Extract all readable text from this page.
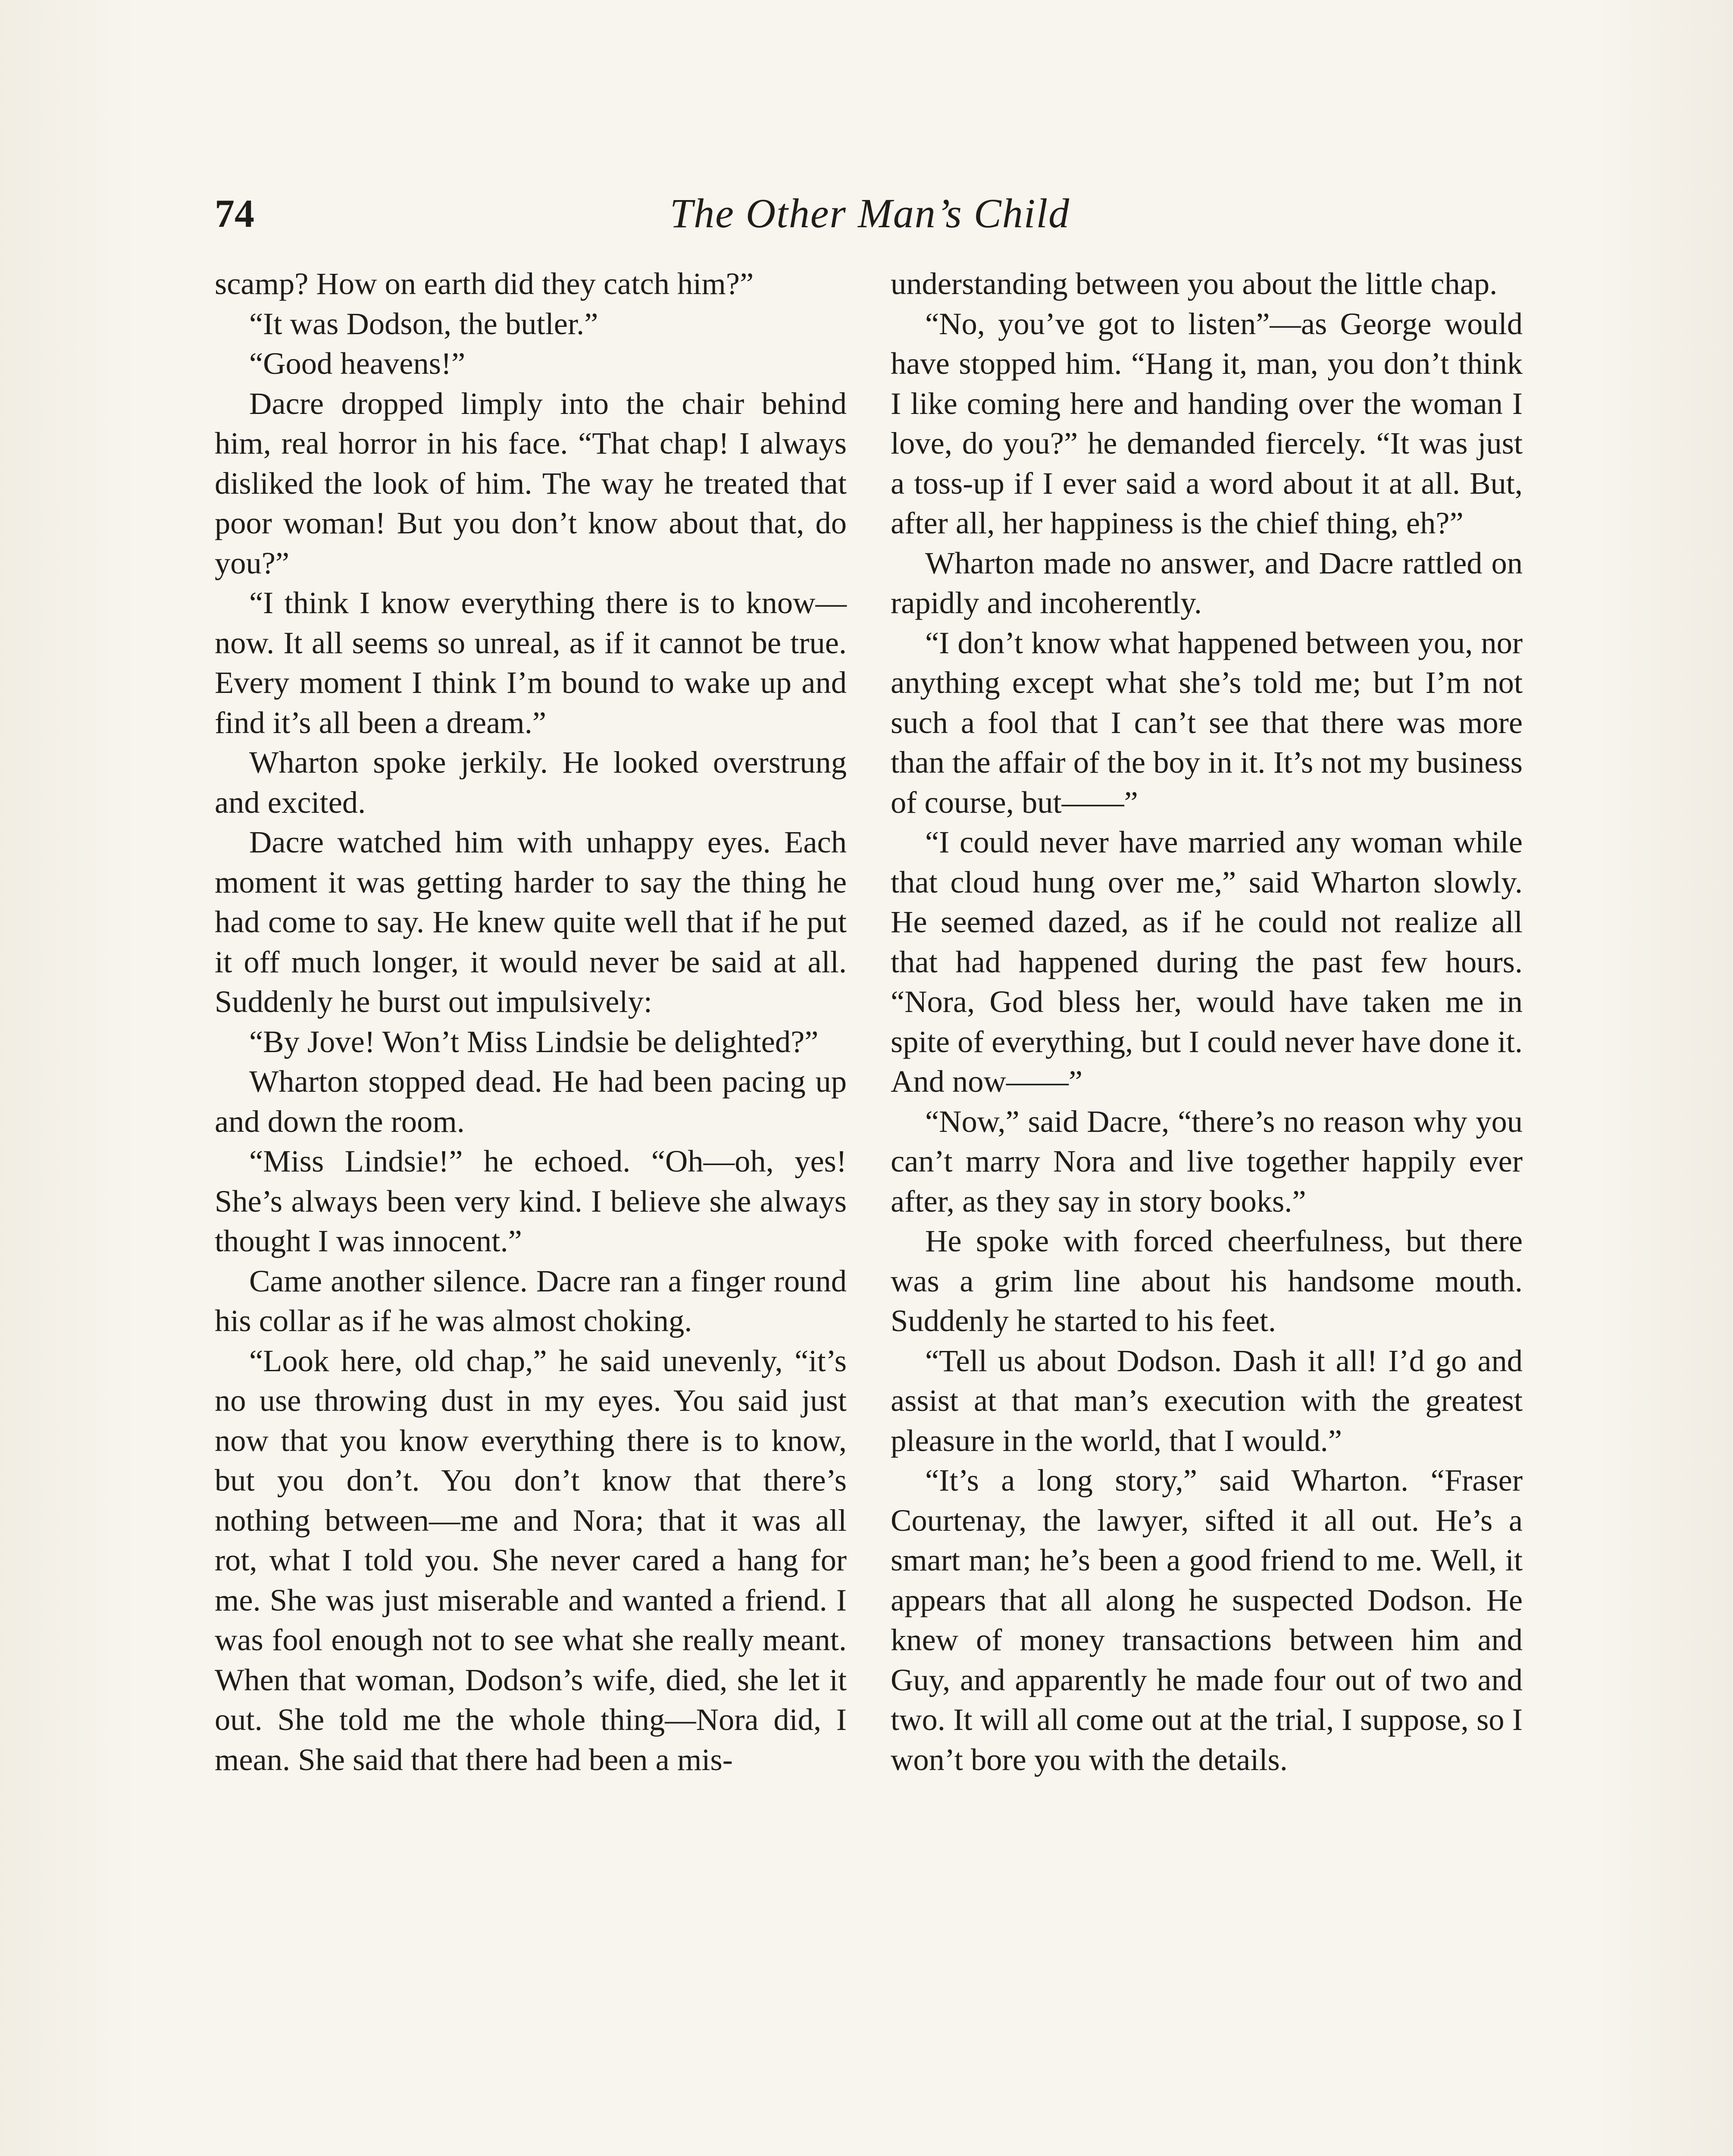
74	The Other Man’s Child

scamp? How on earth did they catch him?”

“It was Dodson, the butler.”

“Good heavens!”

Dacre dropped limply into the chair behind him, real horror in his face. “That chap! I always disliked the look of him. The way he treated that poor woman! But you don’t know about that, do you?”

“I think I know everything there is to know—now. It all seems so unreal, as if it cannot be true. Every moment I think I’m bound to wake up and find it’s all been a dream.”

Wharton spoke jerkily. He looked overstrung and excited.

Dacre watched him with unhappy eyes. Each moment it was getting harder to say the thing he had come to say. He knew quite well that if he put it off much longer, it would never be said at all. Suddenly he burst out impulsively:

“By Jove! Won’t Miss Lindsie be delighted?”

Wharton stopped dead. He had been pacing up and down the room.

“Miss Lindsie!” he echoed. “Oh—oh, yes! She’s always been very kind. I believe she always thought I was innocent.”

Came another silence. Dacre ran a finger round his collar as if he was almost choking.

“Look here, old chap,” he said unevenly, “it’s no use throwing dust in my eyes. You said just now that you know everything there is to know, but you don’t. You don’t know that there’s nothing between—me and Nora; that it was all rot, what I told you. She never cared a hang for me. She was just miserable and wanted a friend. I was fool enough not to see what she really meant. When that woman, Dodson’s wife, died, she let it out. She told me the whole thing—Nora did, I mean. She said that there had been a mis-

understanding between you about the little chap.

“No, you’ve got to listen”—as George would have stopped him. “Hang it, man, you don’t think I like coming here and handing over the woman I love, do you?” he demanded fiercely. “It was just a toss-up if I ever said a word about it at all. But, after all, her happiness is the chief thing, eh?”

Wharton made no answer, and Dacre rattled on rapidly and incoherently.

“I don’t know what happened between you, nor anything except what she’s told me; but I’m not such a fool that I can’t see that there was more than the affair of the boy in it. It’s not my business of course, but——”

“I could never have married any woman while that cloud hung over me,” said Wharton slowly. He seemed dazed, as if he could not realize all that had happened during the past few hours. “Nora, God bless her, would have taken me in spite of everything, but I could never have done it. And now——”

“Now,” said Dacre, “there’s no reason why you can’t marry Nora and live together happily ever after, as they say in story books.”

He spoke with forced cheerfulness, but there was a grim line about his handsome mouth. Suddenly he started to his feet.

“Tell us about Dodson. Dash it all! I’d go and assist at that man’s execution with the greatest pleasure in the world, that I would.”

“It’s a long story,” said Wharton. “Fraser Courtenay, the lawyer, sifted it all out. He’s a smart man; he’s been a good friend to me. Well, it appears that all along he suspected Dodson. He knew of money transactions between him and Guy, and apparently he made four out of two and two. It will all come out at the trial, I suppose, so I won’t bore you with the details.
